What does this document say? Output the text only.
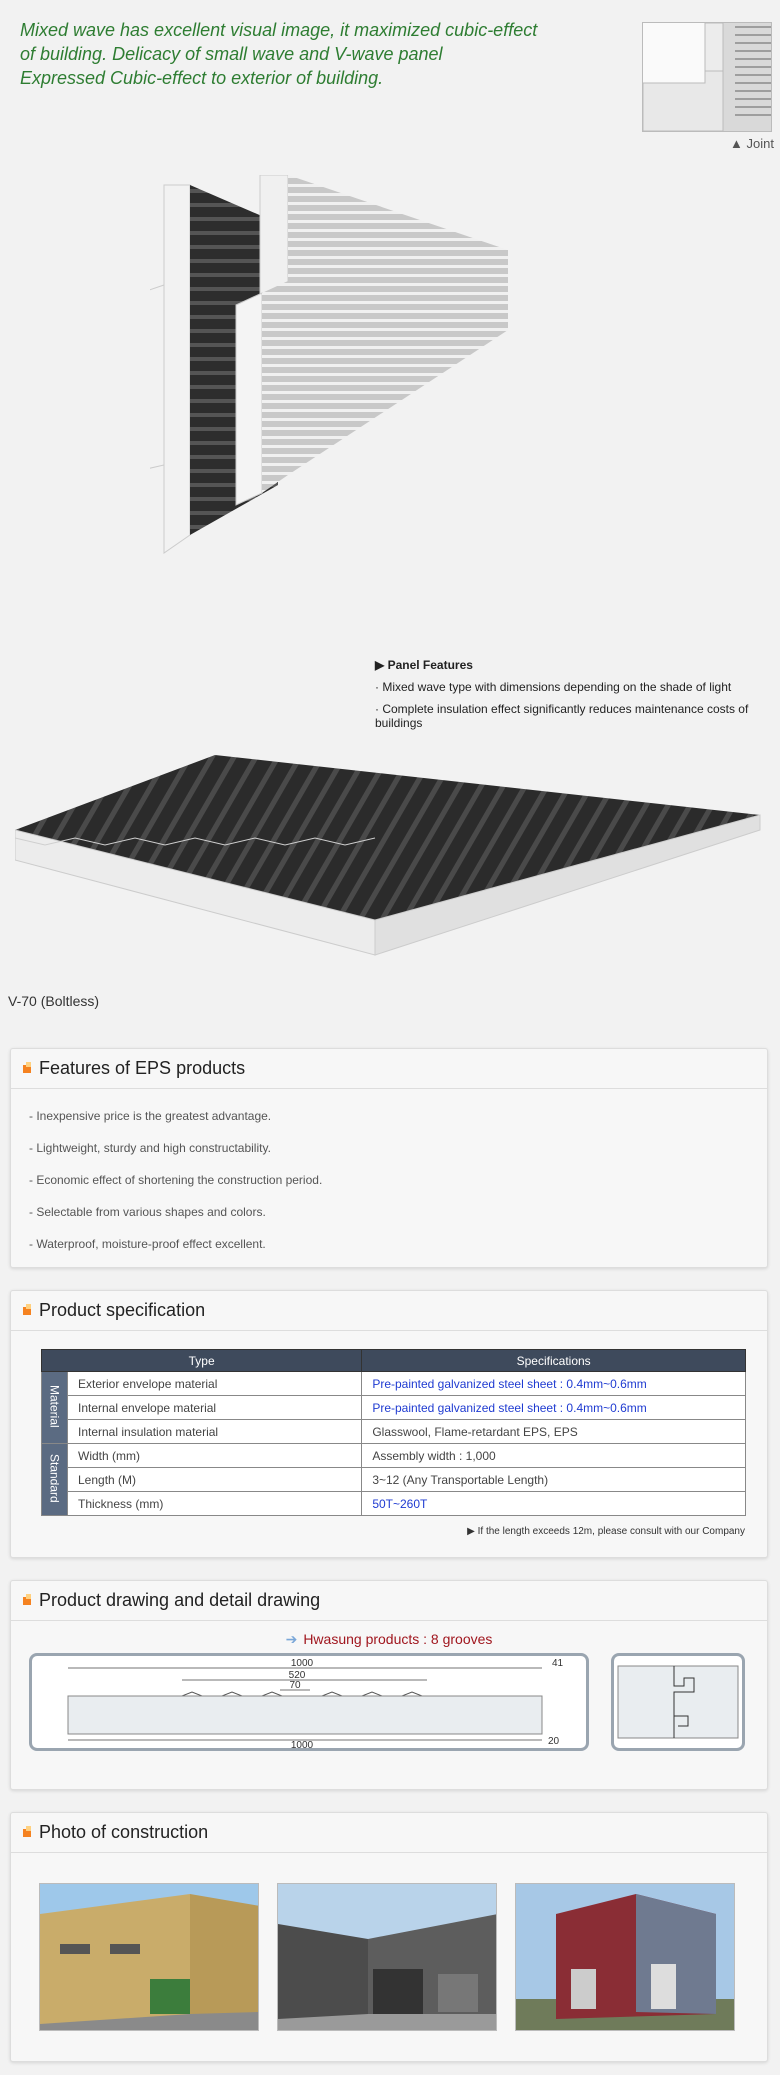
Mixed wave has excellent visual image, it maximized cubic-effect

of building. Delicacy of small wave and V-wave panel

Expressed Cubic-effect to exterior of building.

▲ Joint

▶ Panel Features

· Mixed wave type with dimensions depending on the shade of light

· Complete insulation effect significantly reduces maintenance costs of buildings

V-70 (Boltless)
Features of EPS products
- Inexpensive price is the greatest advantage.
- Lightweight, sturdy and high constructability.
- Economic effect of shortening the construction period.
- Selectable from various shapes and colors.
- Waterproof, moisture-proof effect excellent.
Product specification
Type		Specifications
Material	Exterior envelope material	Pre-painted galvanized steel sheet : 0.4mm~0.6mm
	Internal envelope material	Pre-painted galvanized steel sheet : 0.4mm~0.6mm
	Internal insulation material	Glasswool, Flame-retardant EPS, EPS
Standard	Width (mm)	Assembly width : 1,000
	Length (M)	3~12 (Any Transportable Length)
	Thickness (mm)	50T~260T
▶ If the length exceeds 12m, please consult with our Company
Product drawing and detail drawing
➔ Hwasung products : 8 grooves
1000	41
520
70
1000	20
Photo of construction
